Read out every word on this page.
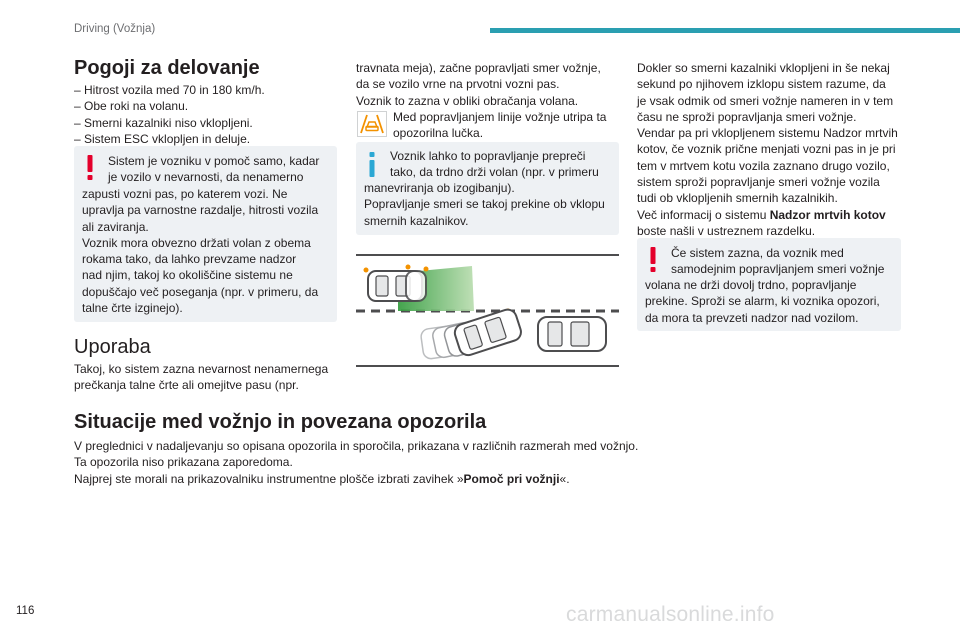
Driving (Vožnja)
Pogoji za delovanje
– Hitrost vozila med 70 in 180 km/h.
– Obe roki na volanu.
– Smerni kazalniki niso vklopljeni.
– Sistem ESC vklopljen in deluje.
Sistem je vozniku v pomoč samo, kadar
je vozilo v nevarnosti, da nenamerno
zapusti vozni pas, po katerem vozi. Ne
upravlja pa varnostne razdalje, hitrosti vozila
ali zaviranja.
Voznik mora obvezno držati volan z obema
rokama tako, da lahko prevzame nadzor
nad njim, takoj ko okoliščine sistemu ne
dopuščajo več poseganja (npr. v primeru, da
talne črte izginejo).
Uporaba
Takoj, ko sistem zazna nevarnost nenamernega
prečkanja talne črte ali omejitve pasu (npr.
travnata meja), začne popravljati smer vožnje,
da se vozilo vrne na prvotni vozni pas.
Voznik to zazna v obliki obračanja volana.
Med popravljanjem linije vožnje utripa ta
opozorilna lučka.
Voznik lahko to popravljanje prepreči
tako, da trdno drži volan (npr. v primeru
manevriranja ob izogibanju).
Popravljanje smeri se takoj prekine ob vklopu
smernih kazalnikov.
Dokler so smerni kazalniki vklopljeni in še nekaj
sekund po njihovem izklopu sistem razume, da
je vsak odmik od smeri vožnje nameren in v tem
času ne sproži popravljanja smeri vožnje.
Vendar pa pri vklopljenem sistemu Nadzor mrtvih
kotov, če voznik prične menjati vozni pas in je pri
tem v mrtvem kotu vozila zaznano drugo vozilo,
sistem sproži popravljanje smeri vožnje vozila
tudi ob vklopljenih smernih kazalnikih.
Več informacij o sistemu Nadzor mrtvih kotov
boste našli v ustreznem razdelku.
Če sistem zazna, da voznik med
samodejnim popravljanjem smeri vožnje
volana ne drži dovolj trdno, popravljanje
prekine. Sproži se alarm, ki voznika opozori,
da mora ta prevzeti nadzor nad vozilom.
Situacije med vožnjo in povezana opozorila
V preglednici v nadaljevanju so opisana opozorila in sporočila, prikazana v različnih razmerah med vožnjo.
Ta opozorila niso prikazana zaporedoma.
Najprej ste morali na prikazovalniku instrumentne plošče izbrati zavihek »Pomoč pri vožnji«.
116	carmanualsonline.info
